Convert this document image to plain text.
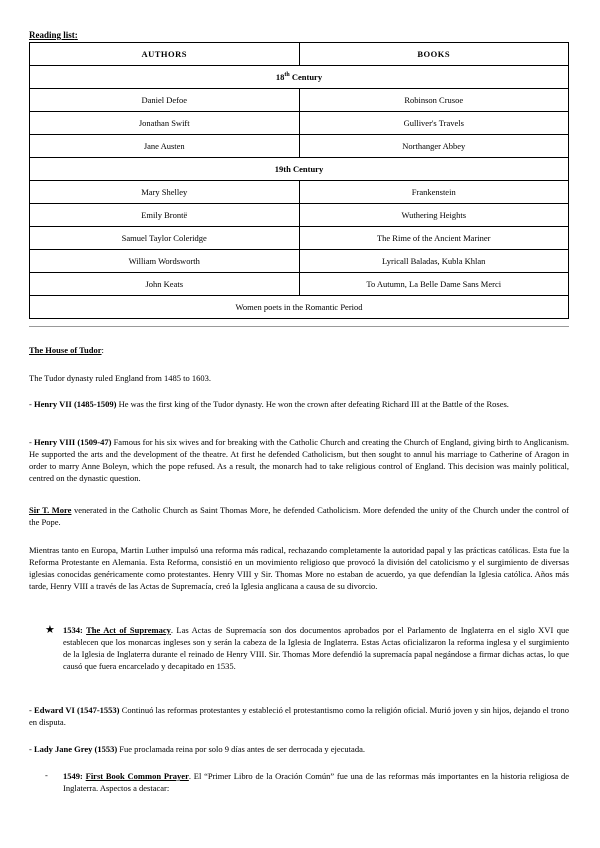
Reading list:
AUTHORS	BOOKS
18th Century	
Daniel Defoe	Robinson Crusoe
Jonathan Swift	Gulliver's Travels
Jane Austen	Northanger Abbey
19th Century	
Mary Shelley	Frankenstein
Emily Brontë	Wuthering Heights
Samuel Taylor Coleridge	The Rime of the Ancient Mariner
William Wordsworth	Lyricall Baladas, Kubla Khlan
John Keats	To Autumn, La Belle Dame Sans Merci
Women poets in the Romantic Period	

The House of Tudor:

The Tudor dynasty ruled England from 1485 to 1603.

- Henry VII (1485-1509) He was the first king of the Tudor dynasty. He won the crown after defeating Richard III at the Battle of the Roses.

- Henry VIII (1509-47) Famous for his six wives and for breaking with the Catholic Church and creating the Church of England, giving birth to Anglicanism. He supported the arts and the development of the theatre. At first he defended Catholicism, but then sought to annul his marriage to Catherine of Aragon in order to marry Anne Boleyn, which the pope refused. As a result, the monarch had to take religious control of England. This decision was mainly political, centred on the dynastic question.

Sir T. More venerated in the Catholic Church as Saint Thomas More, he defended Catholicism. More defended the unity of the Church under the control of the Pope.

Mientras tanto en Europa, Martin Luther impulsó una reforma más radical, rechazando completamente la autoridad papal y las prácticas católicas. Esta fue la Reforma Protestante en Alemania. Esta Reforma, consistió en un movimiento religioso que provocó la división del catolicismo y el surgimiento de diversas iglesias conocidas genéricamente como protestantes. Henry VIII y Sir. Thomas More no estaban de acuerdo, ya que defendían la Iglesia católica. Años más tarde, Henry VIII a través de las Actas de Supremacía, creó la Iglesia anglicana a causa de su divorcio.

★ 1534: The Act of Supremacy. Las Actas de Supremacía son dos documentos aprobados por el Parlamento de Inglaterra en el siglo XVI que establecen que los monarcas ingleses son y serán la cabeza de la Iglesia de Inglaterra. Estas Actas oficializaron la reforma inglesa y el surgimiento de la Iglesia de Inglaterra durante el reinado de Henry VIII. Sir. Thomas More defendió la supremacía papal negándose a firmar dichas actas, lo que causó que fuera encarcelado y decapitado en 1535.

- Edward VI (1547-1553) Continuó las reformas protestantes y estableció el protestantismo como la religión oficial. Murió joven y sin hijos, dejando el trono en disputa.

- Lady Jane Grey (1553) Fue proclamada reina por solo 9 días antes de ser derrocada y ejecutada.

- 1549: First Book Common Prayer. El “Primer Libro de la Oración Común” fue una de las reformas más importantes en la historia religiosa de Inglaterra. Aspectos a destacar:
